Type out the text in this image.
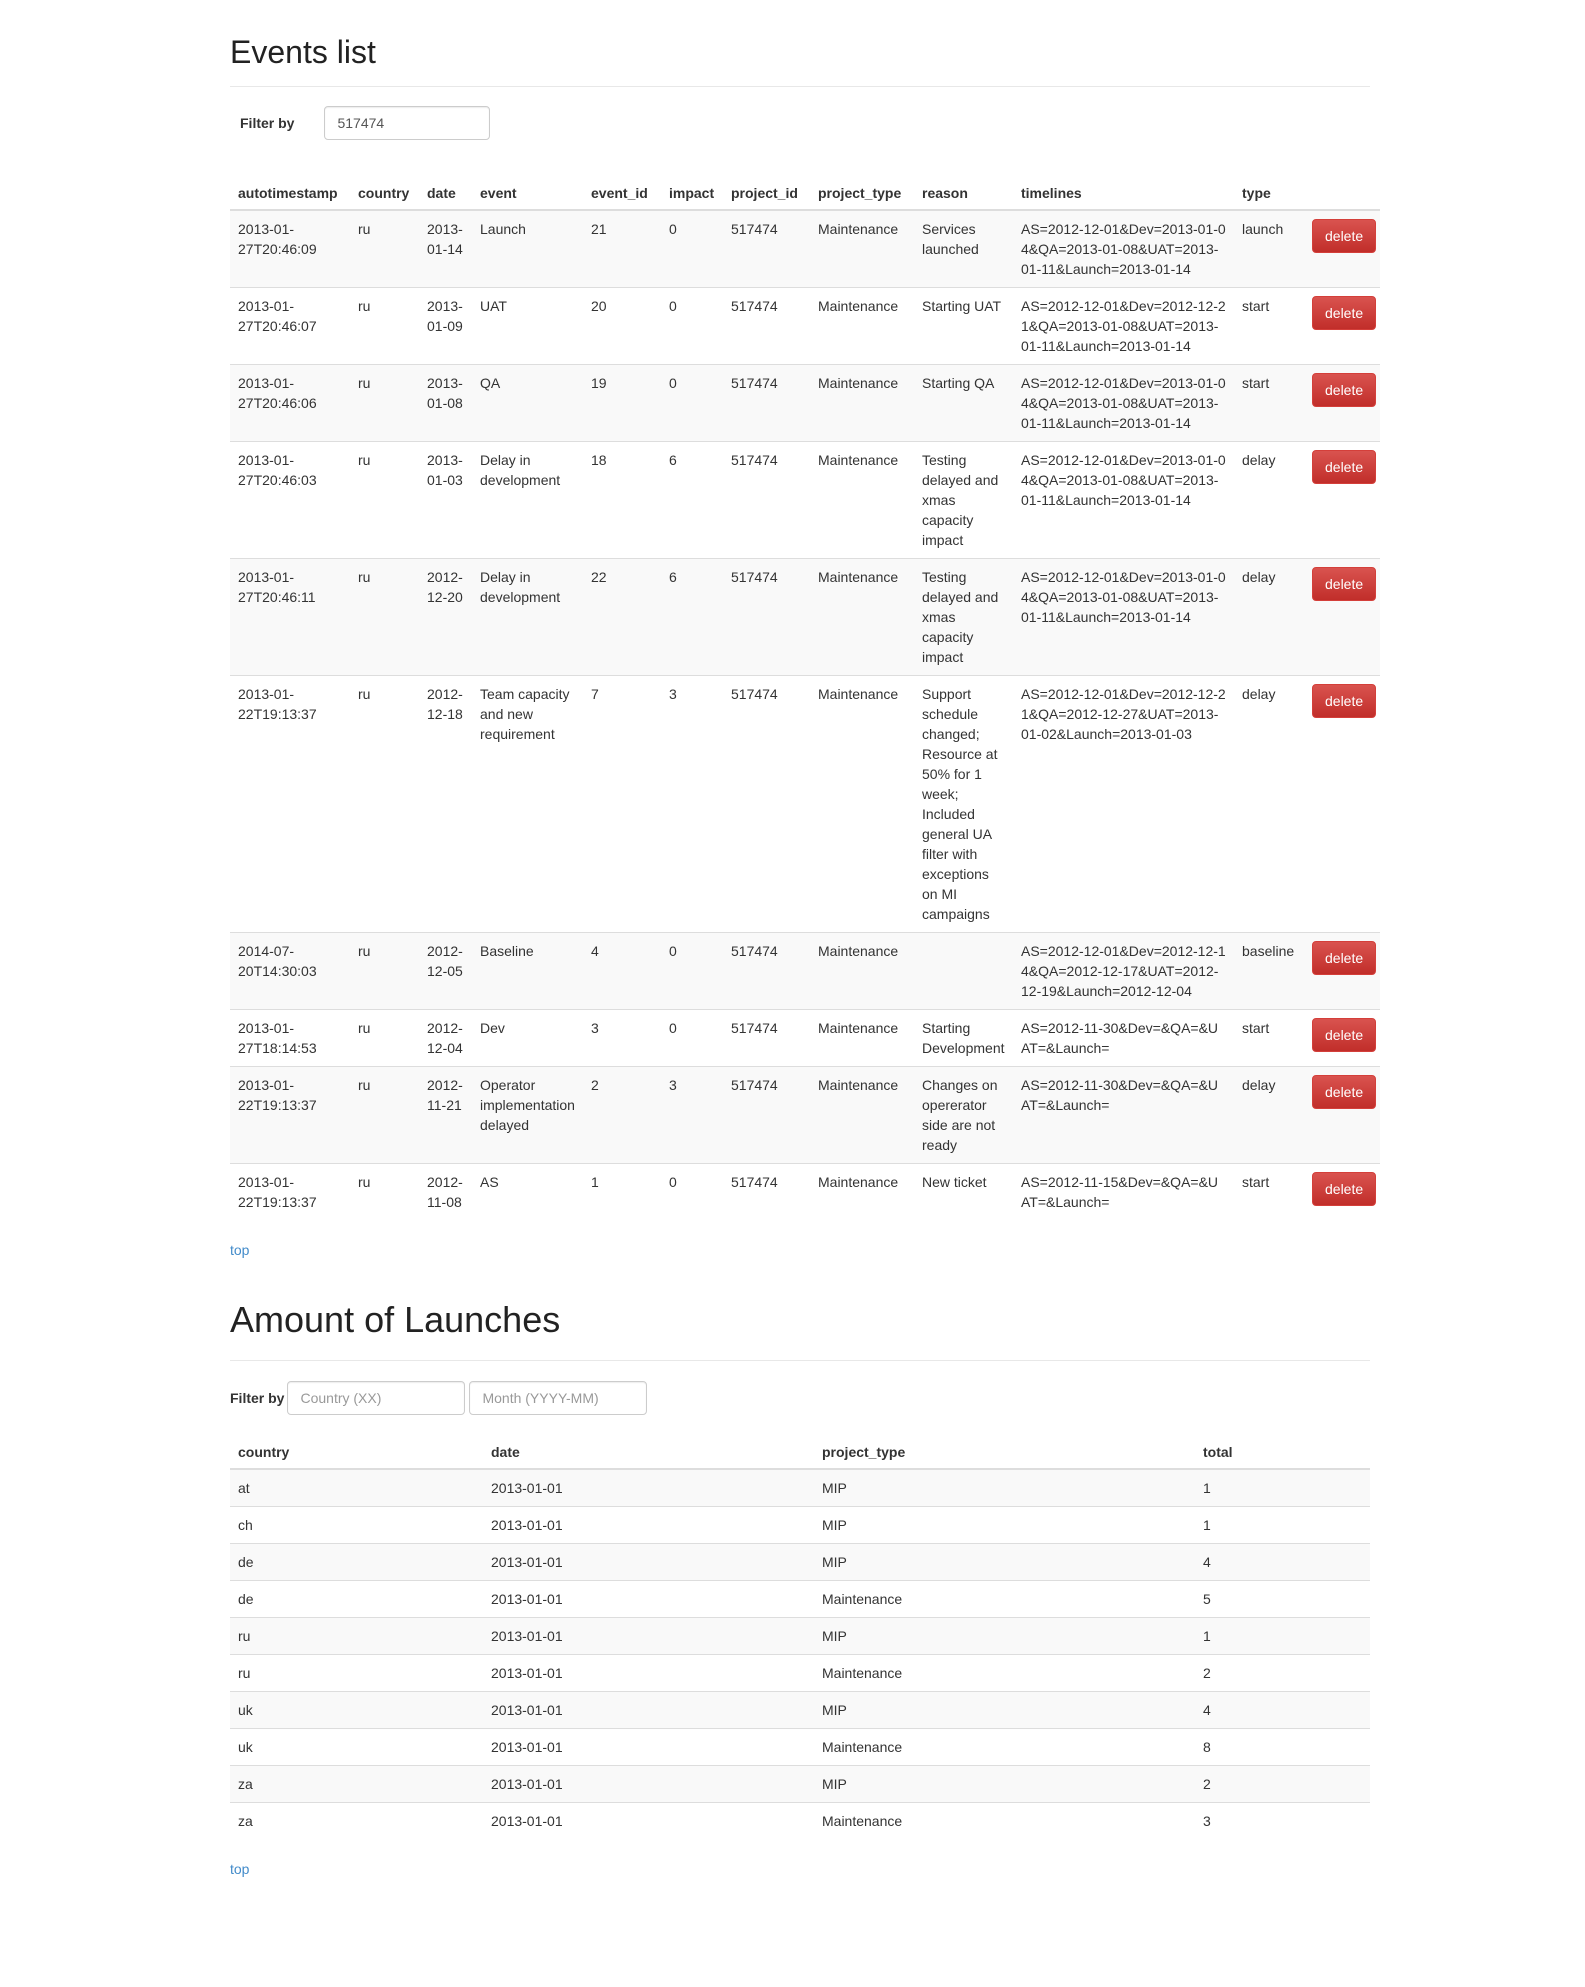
Events list
Filter by
517474
autotimestamp	country	date	event	event_id	impact	project_id	project_type	reason	timelines	type	
2013-01-27T20:46:09	ru	2013-01-14	Launch	21	0	517474	Maintenance	Services launched	AS=2012-12-01&Dev=2013-01-04&QA=2013-01-08&UAT=2013-01-11&Launch=2013-01-14	launch	delete
2013-01-27T20:46:07	ru	2013-01-09	UAT	20	0	517474	Maintenance	Starting UAT	AS=2012-12-01&Dev=2012-12-21&QA=2013-01-08&UAT=2013-01-11&Launch=2013-01-14	start	delete
2013-01-27T20:46:06	ru	2013-01-08	QA	19	0	517474	Maintenance	Starting QA	AS=2012-12-01&Dev=2013-01-04&QA=2013-01-08&UAT=2013-01-11&Launch=2013-01-14	start	delete
2013-01-27T20:46:03	ru	2013-01-03	Delay in development	18	6	517474	Maintenance	Testing delayed and xmas capacity impact	AS=2012-12-01&Dev=2013-01-04&QA=2013-01-08&UAT=2013-01-11&Launch=2013-01-14	delay	delete
2013-01-27T20:46:11	ru	2012-12-20	Delay in development	22	6	517474	Maintenance	Testing delayed and xmas capacity impact	AS=2012-12-01&Dev=2013-01-04&QA=2013-01-08&UAT=2013-01-11&Launch=2013-01-14	delay	delete
2013-01-22T19:13:37	ru	2012-12-18	Team capacity and new requirement	7	3	517474	Maintenance	Support schedule changed; Resource at 50% for 1 week; Included general UA filter with exceptions on MI campaigns	AS=2012-12-01&Dev=2012-12-21&QA=2012-12-27&UAT=2013-01-02&Launch=2013-01-03	delay	delete
2014-07-20T14:30:03	ru	2012-12-05	Baseline	4	0	517474	Maintenance		AS=2012-12-01&Dev=2012-12-14&QA=2012-12-17&UAT=2012-12-19&Launch=2012-12-04	baseline	delete
2013-01-27T18:14:53	ru	2012-12-04	Dev	3	0	517474	Maintenance	Starting Development	AS=2012-11-30&Dev=&QA=&UAT=&Launch=	start	delete
2013-01-22T19:13:37	ru	2012-11-21	Operator implementation delayed	2	3	517474	Maintenance	Changes on opererator side are not ready	AS=2012-11-30&Dev=&QA=&UAT=&Launch=	delay	delete
2013-01-22T19:13:37	ru	2012-11-08	AS	1	0	517474	Maintenance	New ticket	AS=2012-11-15&Dev=&QA=&UAT=&Launch=	start	delete
top
Amount of Launches
Filter by
Country (XX)
Month (YYYY-MM)
country	date	project_type	total
at	2013-01-01	MIP	1
ch	2013-01-01	MIP	1
de	2013-01-01	MIP	4
de	2013-01-01	Maintenance	5
ru	2013-01-01	MIP	1
ru	2013-01-01	Maintenance	2
uk	2013-01-01	MIP	4
uk	2013-01-01	Maintenance	8
za	2013-01-01	MIP	2
za	2013-01-01	Maintenance	3
top
